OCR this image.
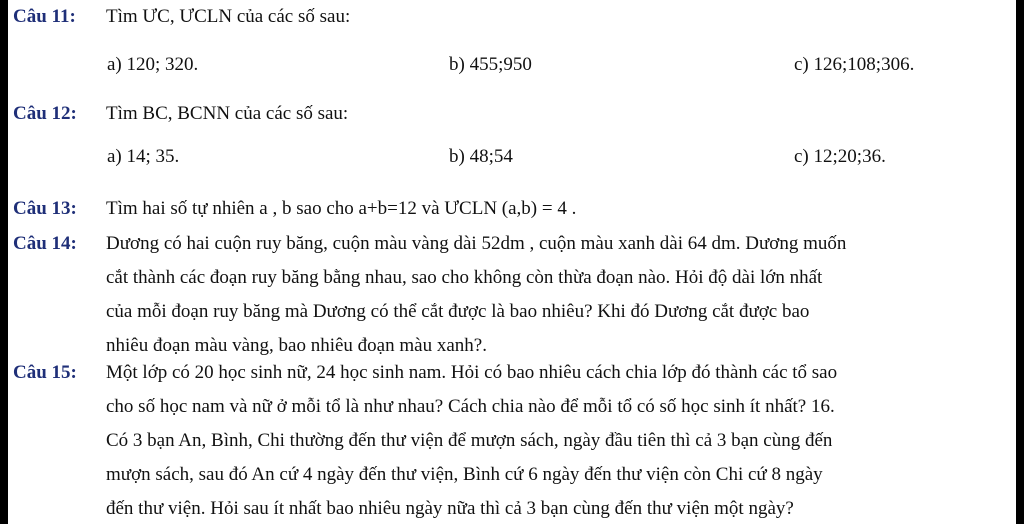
Câu 11: Tìm ƯC, ƯCLN của các số sau:
a) 120; 320.	b) 455;950	c) 126;108;306.
Câu 12: Tìm BC, BCNN của các số sau:
a) 14; 35.	b) 48;54	c) 12;20;36.
Câu 13: Tìm hai số tự nhiên a , b sao cho a+b=12 và ƯCLN (a,b) = 4 .
Câu 14: Dương có hai cuộn ruy băng, cuộn màu vàng dài 52dm , cuộn màu xanh dài 64 dm. Dương muốn
cắt thành các đoạn ruy băng bằng nhau, sao cho không còn thừa đoạn nào. Hỏi độ dài lớn nhất
của mỗi đoạn ruy băng mà Dương có thể cắt được là bao nhiêu? Khi đó Dương cắt được bao
nhiêu đoạn màu vàng, bao nhiêu đoạn màu xanh?.
Câu 15: Một lớp có 20 học sinh nữ, 24 học sinh nam. Hỏi có bao nhiêu cách chia lớp đó thành các tổ sao
cho số học nam và nữ ở mỗi tổ là như nhau? Cách chia nào để mỗi tổ có số học sinh ít nhất? 16.
Có 3 bạn An, Bình, Chi thường đến thư viện để mượn sách, ngày đầu tiên thì cả 3 bạn cùng đến
mượn sách, sau đó An cứ 4 ngày đến thư viện, Bình cứ 6 ngày đến thư viện còn Chi cứ 8 ngày
đến thư viện. Hỏi sau ít nhất bao nhiêu ngày nữa thì cả 3 bạn cùng đến thư viện một ngày?
